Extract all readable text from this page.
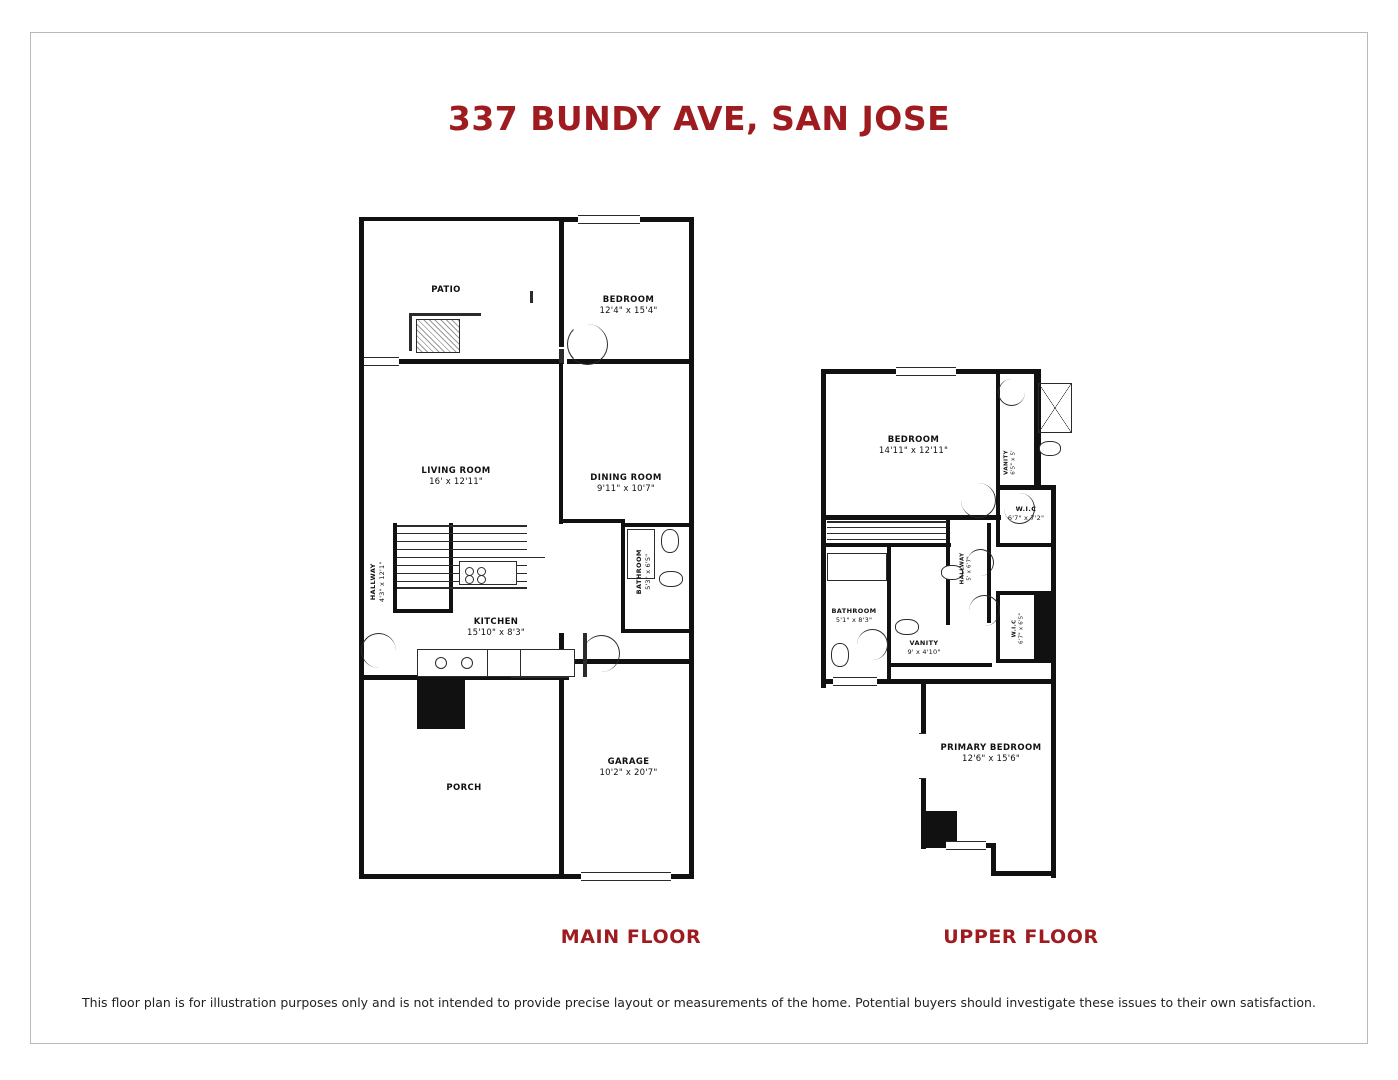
337 BUNDY AVE, SAN JOSE
PATIO
BEDROOM
12'4" x 15'4"
LIVING ROOM
16' x 12'11"	DINING ROOM
9'11" x 10'7"
BATHROOM 5'3" x 6'5"
HALLWAY 4'3" x 12'1"
KITCHEN
15'10" x 8'3"
GARAGE
10'2" x 20'7"
PORCH
BEDROOM
14'11" x 12'11"	VANITY 6'5" x 5'
W.I.C
6'7" x 7'2"
HALLWAY 5' x 6'7"
BATHROOM
5'1" x 8'3"
VANITY
9' x 4'10"
W.I.C 6'7" x 6'5"
PRIMARY BEDROOM
12'6" x 15'6"
MAIN FLOOR	UPPER FLOOR
This floor plan is for illustration purposes only and is not intended to provide precise layout or measurements of the home. Potential buyers should investigate these issues to their own satisfaction.
